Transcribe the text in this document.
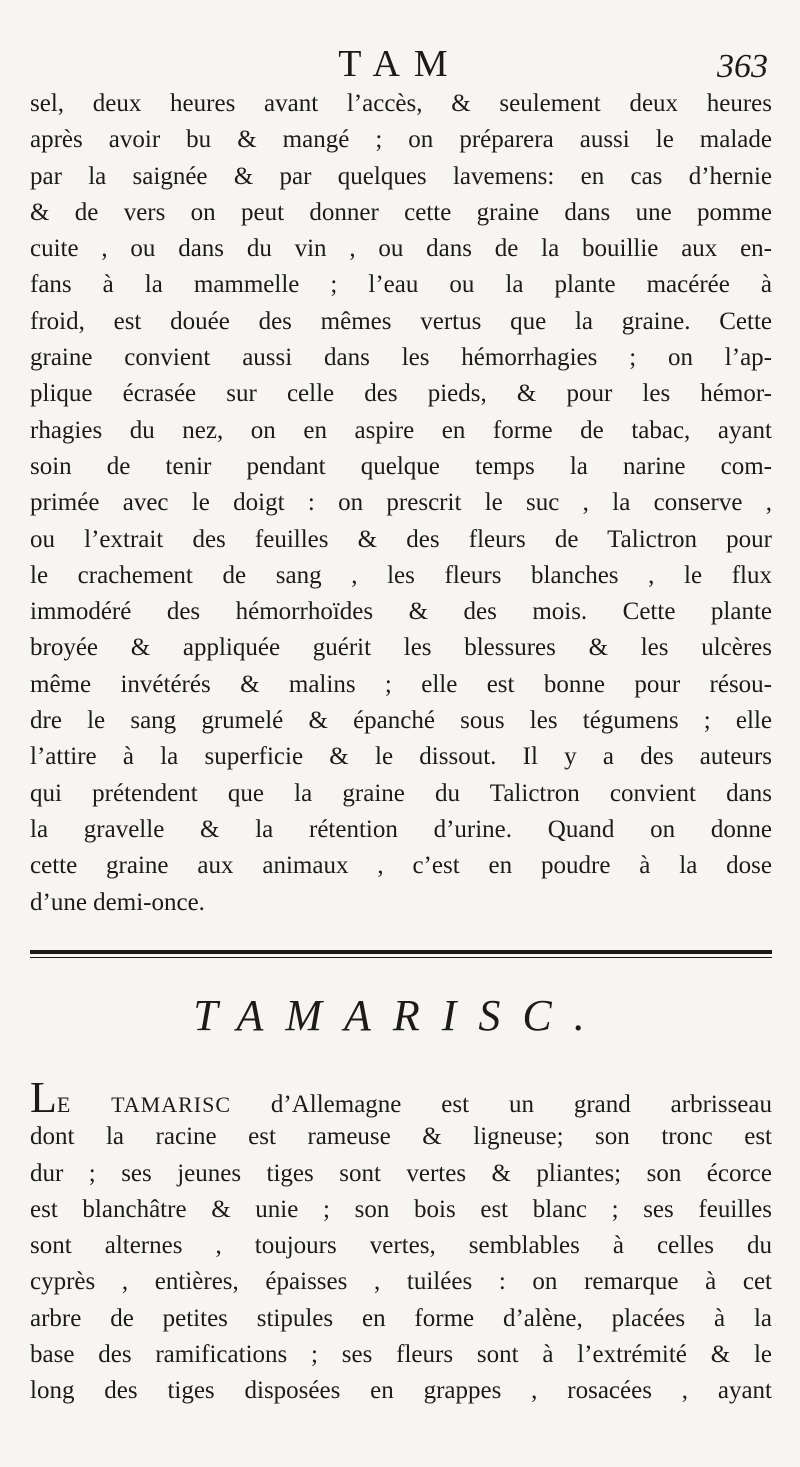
TAM	363
sel, deux heures avant l’accès, & seulement deux heures
après avoir bu & mangé ; on préparera aussi le malade
par la saignée & par quelques lavemens: en cas d’hernie
& de vers on peut donner cette graine dans une pomme
cuite , ou dans du vin , ou dans de la bouillie aux en-
fans à la mammelle ; l’eau ou la plante macérée à
froid, est douée des mêmes vertus que la graine. Cette
graine convient aussi dans les hémorrhagies ; on l’ap-
plique écrasée sur celle des pieds, & pour les hémor-
rhagies du nez, on en aspire en forme de tabac, ayant
soin de tenir pendant quelque temps la narine com-
primée avec le doigt : on prescrit le suc , la conserve ,
ou l’extrait des feuilles & des fleurs de Talictron pour
le crachement de sang , les fleurs blanches , le flux
immodéré des hémorrhoïdes & des mois. Cette plante
broyée & appliquée guérit les blessures & les ulcères
même invétérés & malins ; elle est bonne pour résou-
dre le sang grumelé & épanché sous les tégumens ; elle
l’attire à la superficie & le dissout. Il y a des auteurs
qui prétendent que la graine du Talictron convient dans
la gravelle & la rétention d’urine. Quand on donne
cette graine aux animaux , c’est en poudre à la dose
d’une demi-once.
TAMARISC.
LE TAMARISC d’Allemagne est un grand arbrisseau
dont la racine est rameuse & ligneuse; son tronc est
dur ; ses jeunes tiges sont vertes & pliantes; son écorce
est blanchâtre & unie ; son bois est blanc ; ses feuilles
sont alternes , toujours vertes, semblables à celles du
cyprès , entières, épaisses , tuilées : on remarque à cet
arbre de petites stipules en forme d’alène, placées à la
base des ramifications ; ses fleurs sont à l’extrémité & le
long des tiges disposées en grappes , rosacées , ayant
